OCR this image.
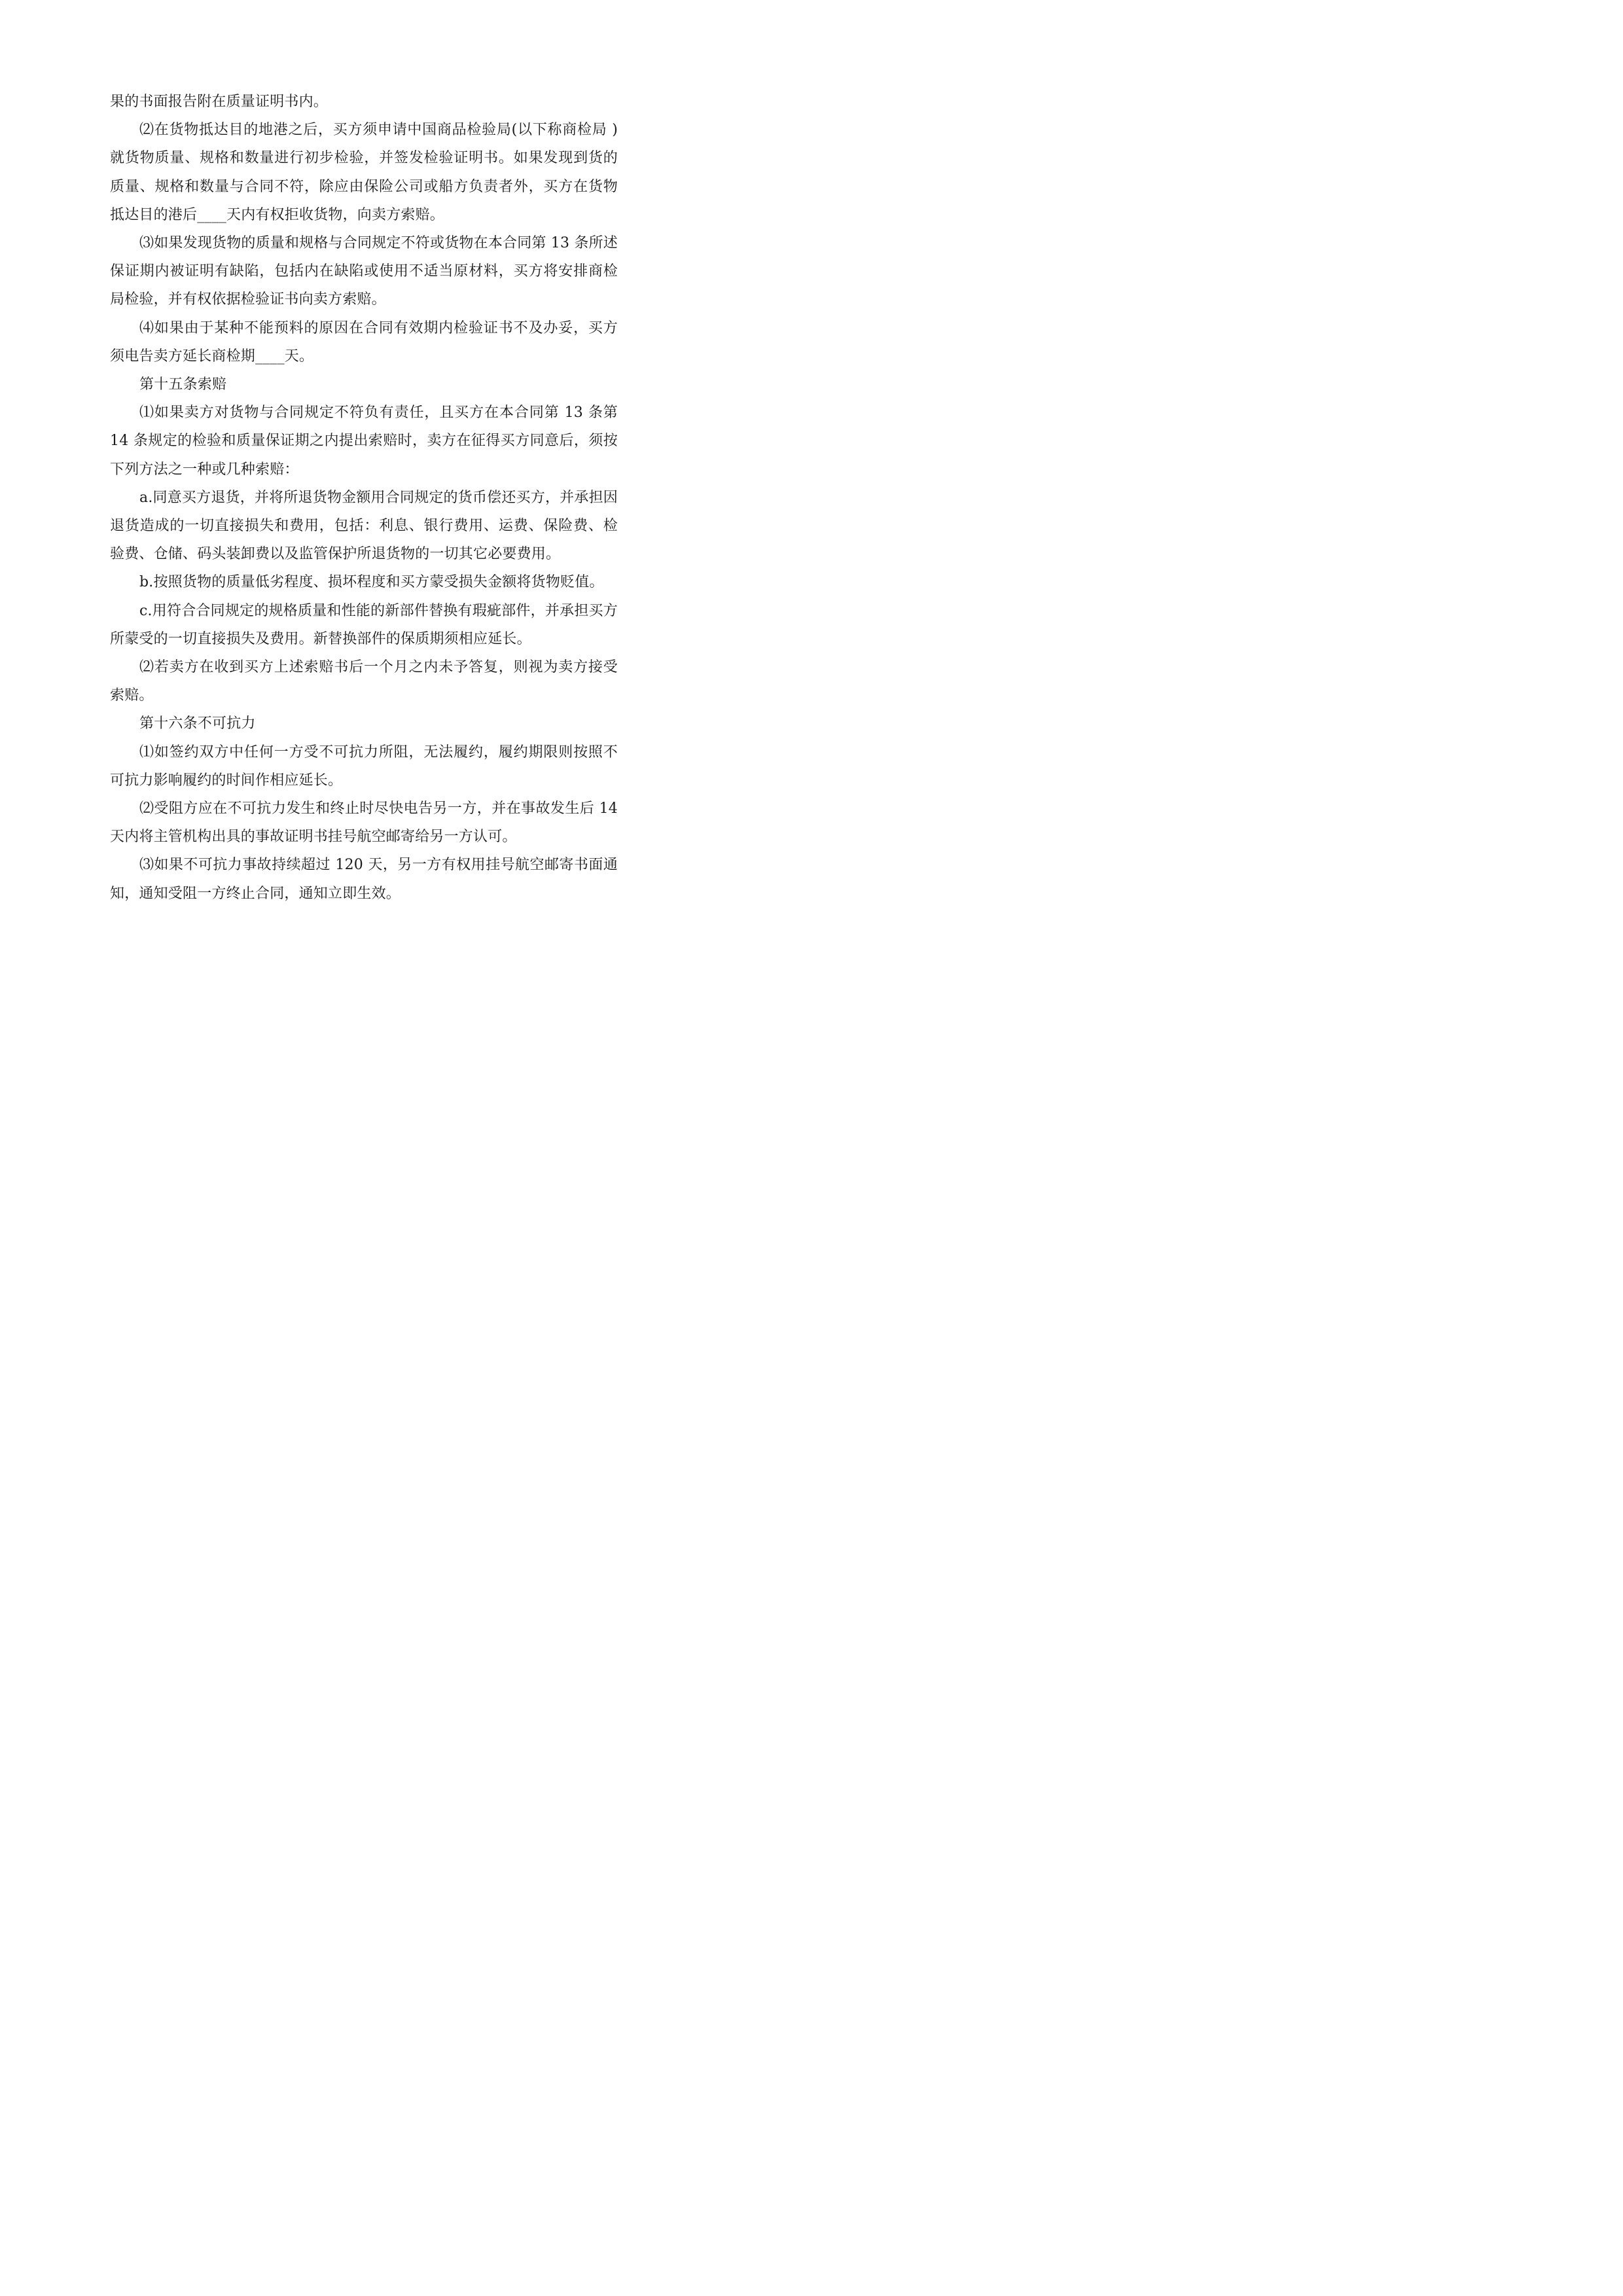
果的书面报告附在质量证明书内。

⑵在货物抵达目的地港之后，买方须申请中国商品检验局(以下称商检局 )就货物质量、规格和数量进行初步检验，并签发检验证明书。如果发现到货的质量、规格和数量与合同不符，除应由保险公司或船方负责者外，买方在货物抵达目的港后____天内有权拒收货物，向卖方索赔。

⑶如果发现货物的质量和规格与合同规定不符或货物在本合同第 13 条所述保证期内被证明有缺陷，包括内在缺陷或使用不适当原材料，买方将安排商检局检验，并有权依据检验证书向卖方索赔。

⑷如果由于某种不能预料的原因在合同有效期内检验证书不及办妥，买方须电告卖方延长商检期____天。

第十五条索赔

⑴如果卖方对货物与合同规定不符负有责任，且买方在本合同第 13 条第 14 条规定的检验和质量保证期之内提出索赔时，卖方在征得买方同意后，须按下列方法之一种或几种索赔：

a.同意买方退货，并将所退货物金额用合同规定的货币偿还买方，并承担因退货造成的一切直接损失和费用，包括：利息、银行费用、运费、保险费、检验费、仓储、码头装卸费以及监管保护所退货物的一切其它必要费用。

b.按照货物的质量低劣程度、损坏程度和买方蒙受损失金额将货物贬值。

c.用符合合同规定的规格质量和性能的新部件替换有瑕疵部件，并承担买方所蒙受的一切直接损失及费用。新替换部件的保质期须相应延长。

⑵若卖方在收到买方上述索赔书后一个月之内未予答复，则视为卖方接受索赔。

第十六条不可抗力

⑴如签约双方中任何一方受不可抗力所阻，无法履约，履约期限则按照不可抗力影响履约的时间作相应延长。

⑵受阻方应在不可抗力发生和终止时尽快电告另一方，并在事故发生后 14 天内将主管机构出具的事故证明书挂号航空邮寄给另一方认可。

⑶如果不可抗力事故持续超过 120 天，另一方有权用挂号航空邮寄书面通知，通知受阻一方终止合同，通知立即生效。
